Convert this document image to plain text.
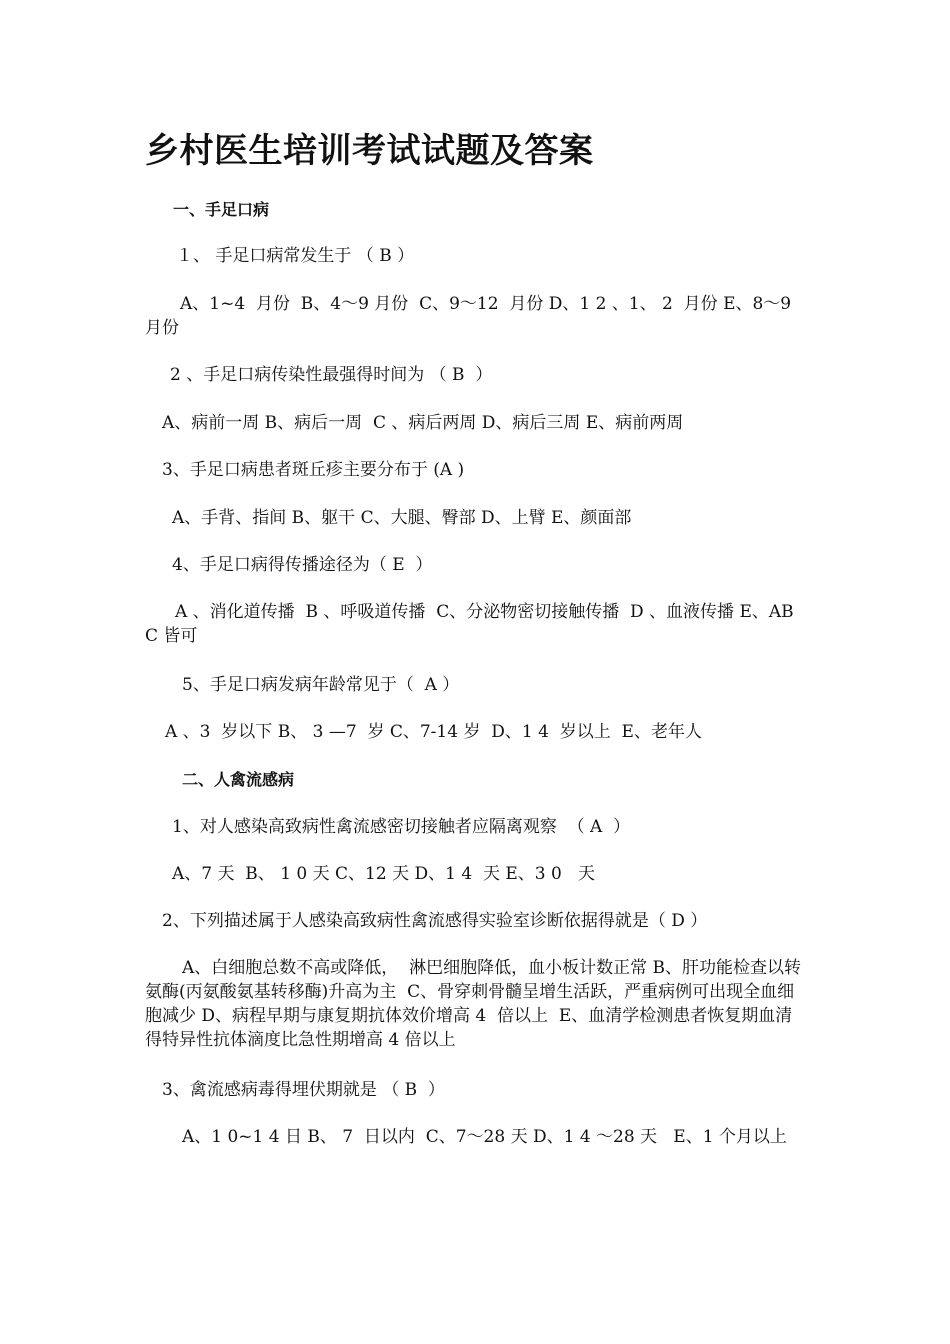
乡村医生培训考试试题及答案
一、手足口病
１、 手足口病常发生于 （ B ）
A、1~4  月份  B、4～9 月份  C、9～12  月份 D、1 2 、1、 2  月份 E、8～9  月份
2 、手足口病传染性最强得时间为 （ B  ）
A、病前一周 B、病后一周  C 、病后两周 D、病后三周 E、病前两周
3、手足口病患者斑丘疹主要分布于 (A )
A、手背、指间 B、躯干 C、大腿、臀部 D、上臂 E、颜面部
4、手足口病得传播途径为（ E  ）
A 、消化道传播  B 、呼吸道传播  C、分泌物密切接触传播  D 、血液传播 E、ABC 皆可
5、手足口病发病年龄常见于（  A ）
A 、3  岁以下 B、 3 —7  岁 C、7-14 岁  D、1 4  岁以上  E、老年人
二、人禽流感病
1、对人感染高致病性禽流感密切接触者应隔离观察  （ A  ）
A、7 天  B、 1 0 天 C、12 天 D、1 4  天 E、3 0   天
2、下列描述属于人感染高致病性禽流感得实验室诊断依据得就是（ D ）
A、白细胞总数不高或降低，  淋巴细胞降低，血小板计数正常 B、肝功能检查以转氨酶(丙氨酸氨基转移酶)升高为主  C、骨穿刺骨髓呈增生活跃，严重病例可出现全血细胞减少 D、病程早期与康复期抗体效价增高 4  倍以上  E、血清学检测患者恢复期血清得特异性抗体滴度比急性期增高 4 倍以上
3、禽流感病毒得埋伏期就是 （ B  ）
A、1 0~1 4 日 B、 7  日以内  C、7～28 天 D、1 4 ～28 天   E、1 个月以上
